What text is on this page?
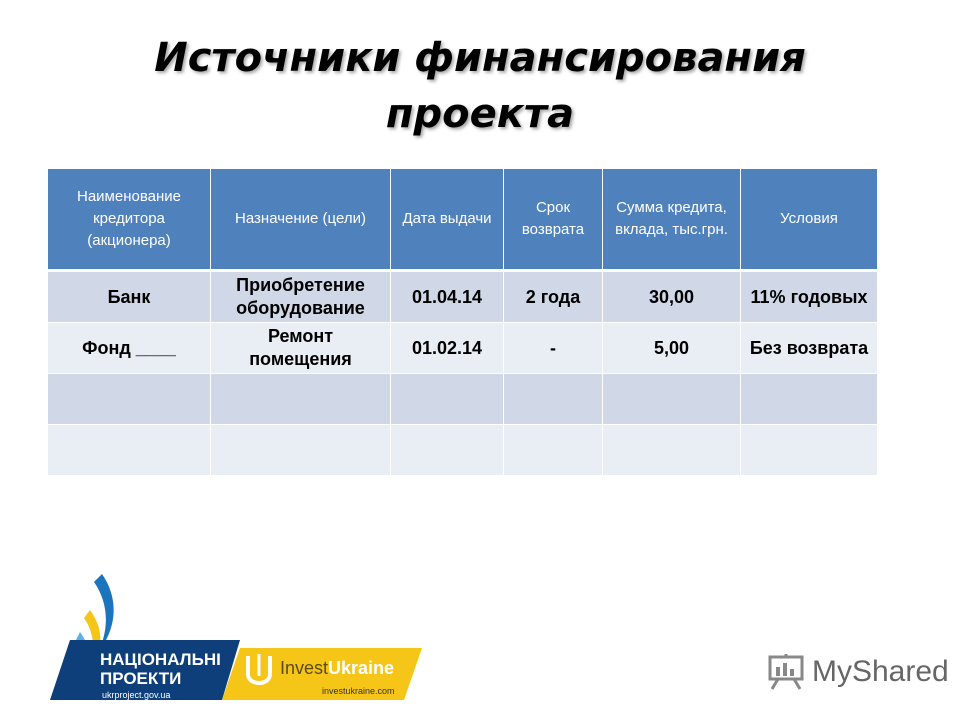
Источники финансирования
проекта
Наименование кредитора (акционера)	Назначение (цели)	Дата выдачи	Срок возврата	Сумма кредита, вклада, тыс.грн.	Условия
Банк	Приобретение оборудование	01.04.14	2 года	30,00	11% годовых
Фонд ____	Ремонт помещения	01.02.14	-	5,00	Без возврата

НАЦІОНАЛЬНІ
ПРОЕКТИ
ukrproject.gov.ua
InvestUkraine
investukraine.com
MyShared
